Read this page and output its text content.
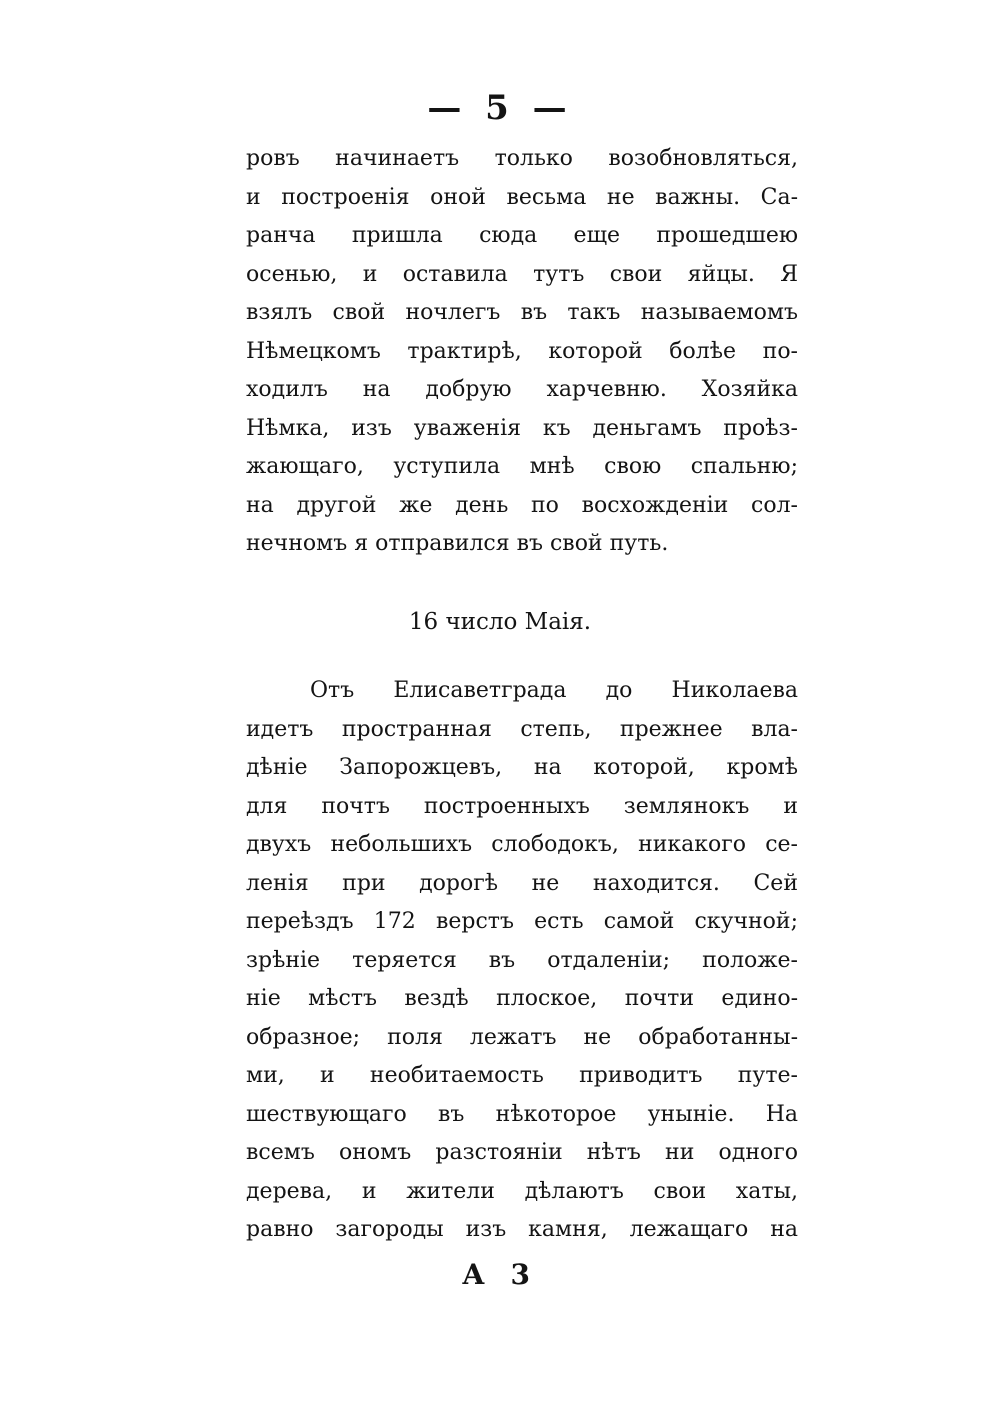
— 5 —
ровъ начинаетъ только возобновляться,
и построенія оной весьма не важны. Са-
ранча пришла сюда еще прошедшею
осенью, и оставила тутъ свои яйцы. Я
взялъ свой ночлегъ въ такъ называемомъ
Нѣмецкомъ трактирѣ, которой болѣе по-
ходилъ на добрую харчевню. Хозяйка
Нѣмка, изъ уваженія къ деньгамъ проѣз-
жающаго, уступила мнѣ свою спальню;
на другой же день по восхожденіи сол-
нечномъ я отправился въ свой путь.
16 число Маія.
Отъ Елисаветграда до Николаева
идетъ пространная степь, прежнее вла-
дѣніе Запорожцевъ, на которой, кромѣ
для почтъ построенныхъ землянокъ и
двухъ небольшихъ слободокъ, никакого се-
ленія при дорогѣ не находится. Сей
переѣздъ 172 верстъ есть самой скучной;
зрѣніе теряется въ отдаленіи; положе-
ніе мѣстъ вездѣ плоское, почти едино-
образное; поля лежатъ не обработанны-
ми, и необитаемость приводитъ путе-
шествующаго въ нѣкоторое уныніе. На
всемъ ономъ разстояніи нѣтъ ни одного
дерева, и жители дѣлаютъ свои хаты,
равно загороды изъ камня, лежащаго на
А 3
